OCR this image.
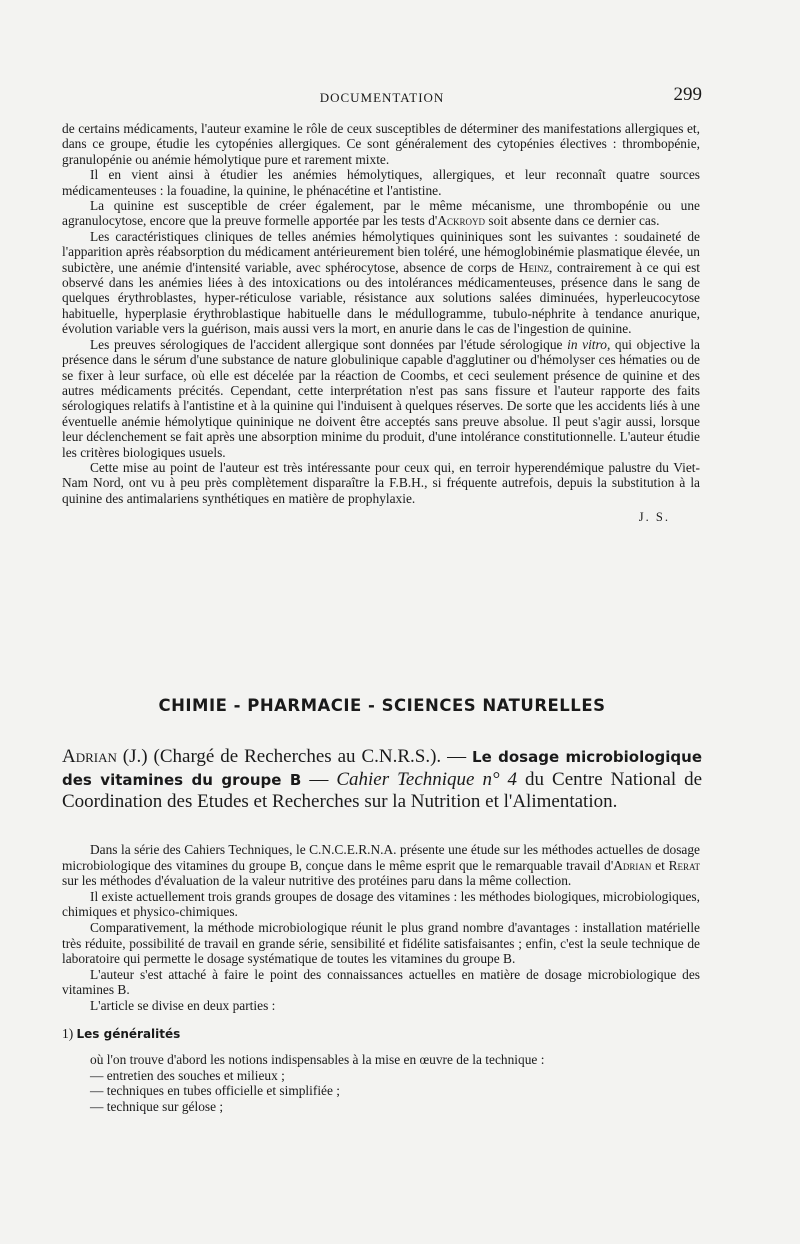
DOCUMENTATION	299

de certains médicaments, l'auteur examine le rôle de ceux susceptibles de déterminer des manifestations allergiques et, dans ce groupe, étudie les cytopénies allergiques. Ce sont généralement des cytopénies électives : thrombopénie, granulopénie ou anémie hémolytique pure et rarement mixte.

Il en vient ainsi à étudier les anémies hémolytiques, allergiques, et leur reconnaît quatre sources médicamenteuses : la fouadine, la quinine, le phénacétine et l'antistine.

La quinine est susceptible de créer également, par le même mécanisme, une thrombopénie ou une agranulocytose, encore que la preuve formelle apportée par les tests d'Ackroyd soit absente dans ce dernier cas.

Les caractéristiques cliniques de telles anémies hémolytiques quininiques sont les suivantes : soudaineté de l'apparition après réabsorption du médicament antérieurement bien toléré, une hémoglobinémie plasmatique élevée, un subictère, une anémie d'intensité variable, avec sphérocytose, absence de corps de Heinz, contrairement à ce qui est observé dans les anémies liées à des intoxications ou des intolérances médicamenteuses, présence dans le sang de quelques érythroblastes, hyper-réticulose variable, résistance aux solutions salées diminuées, hyperleucocytose habituelle, hyperplasie érythroblastique habituelle dans le médullogramme, tubulo-néphrite à tendance anurique, évolution variable vers la guérison, mais aussi vers la mort, en anurie dans le cas de l'ingestion de quinine.

Les preuves sérologiques de l'accident allergique sont données par l'étude sérologique in vitro, qui objective la présence dans le sérum d'une substance de nature globulinique capable d'agglutiner ou d'hémolyser ces hématies ou de se fixer à leur surface, où elle est décelée par la réaction de Coombs, et ceci seulement présence de quinine et des autres médicaments précités. Cependant, cette interprétation n'est pas sans fissure et l'auteur rapporte des faits sérologiques relatifs à l'antistine et à la quinine qui l'induisent à quelques réserves. De sorte que les accidents liés à une éventuelle anémie hémolytique quininique ne doivent être acceptés sans preuve absolue. Il peut s'agir aussi, lorsque leur déclenchement se fait après une absorption minime du produit, d'une intolérance constitutionnelle. L'auteur étudie les critères biologiques usuels.

Cette mise au point de l'auteur est très intéressante pour ceux qui, en terroir hyperendémique palustre du Viet-Nam Nord, ont vu à peu près complètement disparaître la F.B.H., si fréquente autrefois, depuis la substitution à la quinine des antimalariens synthétiques en matière de prophylaxie.

J. S.

CHIMIE - PHARMACIE - SCIENCES NATURELLES

Adrian (J.) (Chargé de Recherches au C.N.R.S.). — Le dosage microbiologique des vitamines du groupe B — Cahier Technique n° 4 du Centre National de Coordination des Etudes et Recherches sur la Nutrition et l'Alimentation.

Dans la série des Cahiers Techniques, le C.N.C.E.R.N.A. présente une étude sur les méthodes actuelles de dosage microbiologique des vitamines du groupe B, conçue dans le même esprit que le remarquable travail d'Adrian et Rerat sur les méthodes d'évaluation de la valeur nutritive des protéines paru dans la même collection.

Il existe actuellement trois grands groupes de dosage des vitamines : les méthodes biologiques, microbiologiques, chimiques et physico-chimiques.

Comparativement, la méthode microbiologique réunit le plus grand nombre d'avantages : installation matérielle très réduite, possibilité de travail en grande série, sensibilité et fidélite satisfaisantes ; enfin, c'est la seule technique de laboratoire qui permette le dosage systématique de toutes les vitamines du groupe B.

L'auteur s'est attaché à faire le point des connaissances actuelles en matière de dosage microbiologique des vitamines B.

L'article se divise en deux parties :

1) Les généralités

où l'on trouve d'abord les notions indispensables à la mise en œuvre de la technique :

— entretien des souches et milieux ;

— techniques en tubes officielle et simplifiée ;

— technique sur gélose ;
